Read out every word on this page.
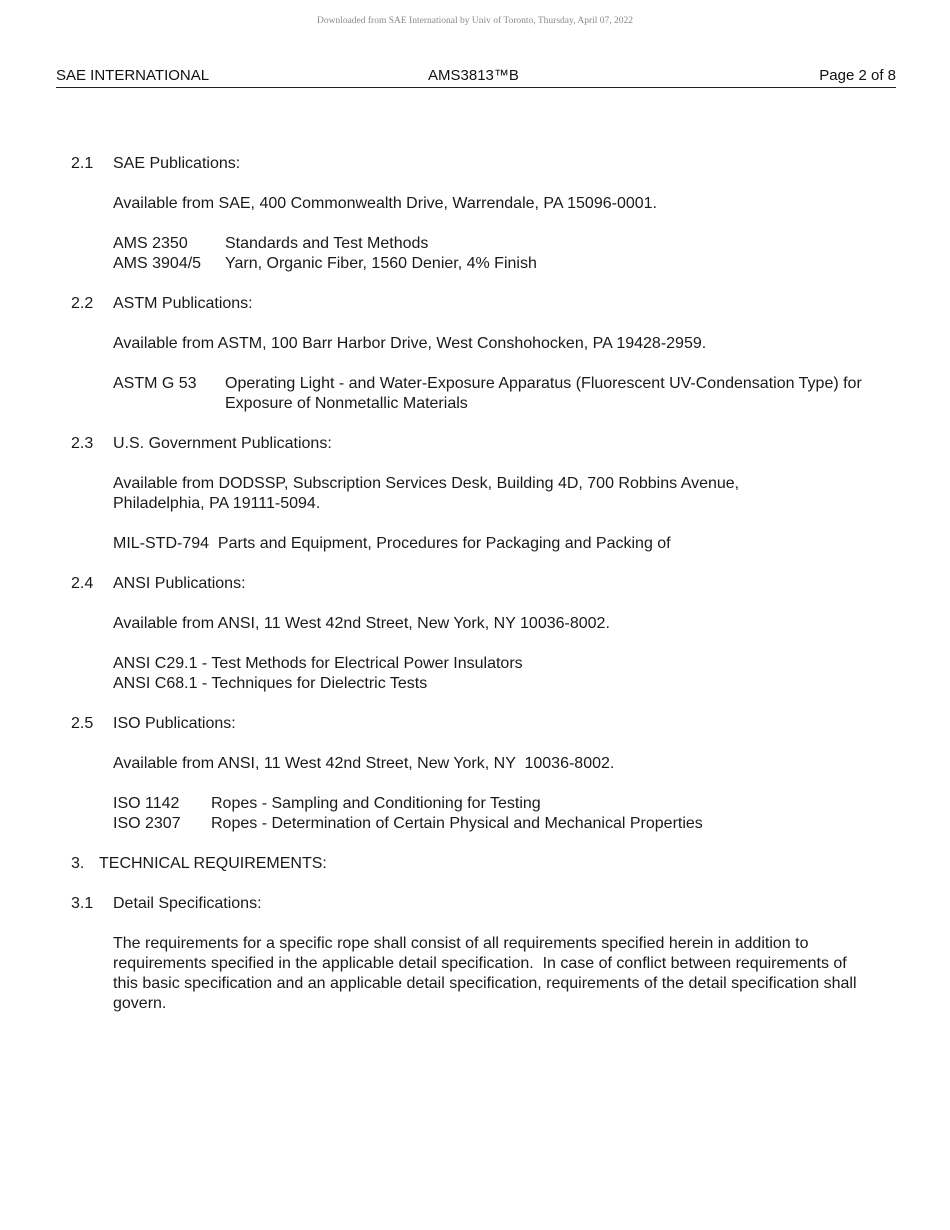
Downloaded from SAE International by Univ of Toronto, Thursday, April 07, 2022
SAE INTERNATIONAL	AMS3813™B	Page 2 of 8
2.1	SAE Publications:
Available from SAE, 400 Commonwealth Drive, Warrendale, PA 15096-0001.
AMS 2350	Standards and Test Methods
AMS 3904/5	Yarn, Organic Fiber, 1560 Denier, 4% Finish
2.2	ASTM Publications:
Available from ASTM, 100 Barr Harbor Drive, West Conshohocken, PA 19428-2959.
ASTM G 53	Operating Light - and Water-Exposure Apparatus (Fluorescent UV-Condensation Type) for Exposure of Nonmetallic Materials
2.3	U.S. Government Publications:
Available from DODSSP, Subscription Services Desk, Building 4D, 700 Robbins Avenue, Philadelphia, PA 19111-5094.
MIL-STD-794  Parts and Equipment, Procedures for Packaging and Packing of
2.4	ANSI Publications:
Available from ANSI, 11 West 42nd Street, New York, NY 10036-8002.
ANSI C29.1 - Test Methods for Electrical Power Insulators
ANSI C68.1 - Techniques for Dielectric Tests
2.5	ISO Publications:
Available from ANSI, 11 West 42nd Street, New York, NY  10036-8002.
ISO 1142	Ropes - Sampling and Conditioning for Testing
ISO 2307	Ropes - Determination of Certain Physical and Mechanical Properties
3. TECHNICAL REQUIREMENTS:
3.1	Detail Specifications:
The requirements for a specific rope shall consist of all requirements specified herein in addition to requirements specified in the applicable detail specification.  In case of conflict between requirements of this basic specification and an applicable detail specification, requirements of the detail specification shall govern.
